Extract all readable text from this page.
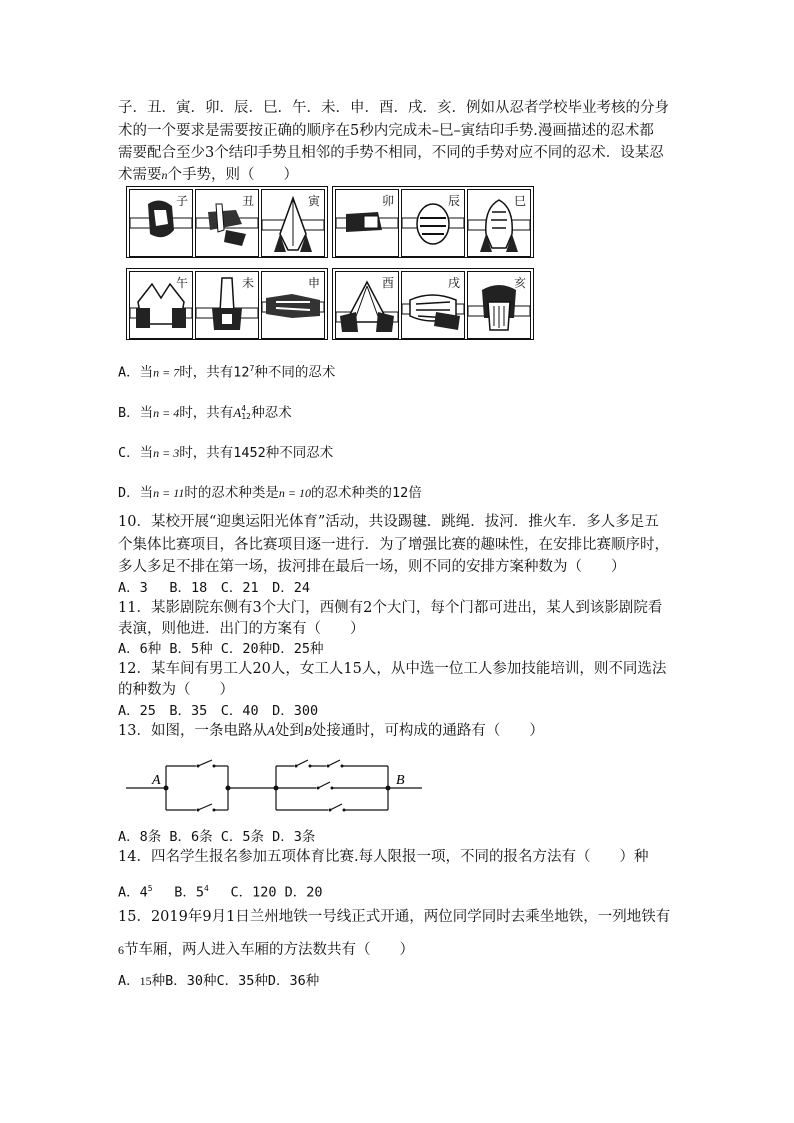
子．丑．寅．卯．辰．巳．午．未．申．酉．戌．亥．例如从忍者学校毕业考核的分身
术的一个要求是需要按正确的顺序在5秒内完成未–巳–寅结印手势.漫画描述的忍术都
需要配合至少3个结印手势且相邻的手势不相同，不同的手势对应不同的忍术．设某忍
术需要n个手势，则（　　）
子	丑	寅	卯	辰	巳
午	未	申	酉	戌	亥
A．当n = 7时，共有$12^7$种不同的忍术
B．当n = 4时，共有A 4
12 种忍术
C．当n = 3时，共有1452种不同忍术
D．当n = 11时的忍术种类是n = 10的忍术种类的12倍
10．某校开展“迎奥运阳光体育”活动，共设踢毽．跳绳．拔河．推火车．多人多足五
个集体比赛项目，各比赛项目逐一进行．为了增强比赛的趣味性，在安排比赛顺序时，
多人多足不排在第一场，拔河排在最后一场，则不同的安排方案种数为（　　）
A．3　 B．18　C．21　D．24
11．某影剧院东侧有3个大门，西侧有2个大门，每个门都可进出，某人到该影剧院看
表演，则他进．出门的方案有（　　）
A．6种 B．5种 C．20种D．25种
12．某车间有男工人20人，女工人15人，从中选一位工人参加技能培训，则不同选法
的种数为（　　）
A．25　B．35　C．40　D．300
13．如图，一条电路从A处到B处接通时，可构成的通路有（　　）
A	B
A．8条 B．6条 C．5条 D．3条
14．四名学生报名参加五项体育比赛.每人限报一项，不同的报名方法有（　　）种
A．$4^5$　 B．$5^4$　 C．120 D．20
15．2019年9月1日兰州地铁一号线正式开通，两位同学同时去乘坐地铁，一列地铁有
6节车厢，两人进入车厢的方法数共有（　　）
A．15种B．30种C．35种D．36种
